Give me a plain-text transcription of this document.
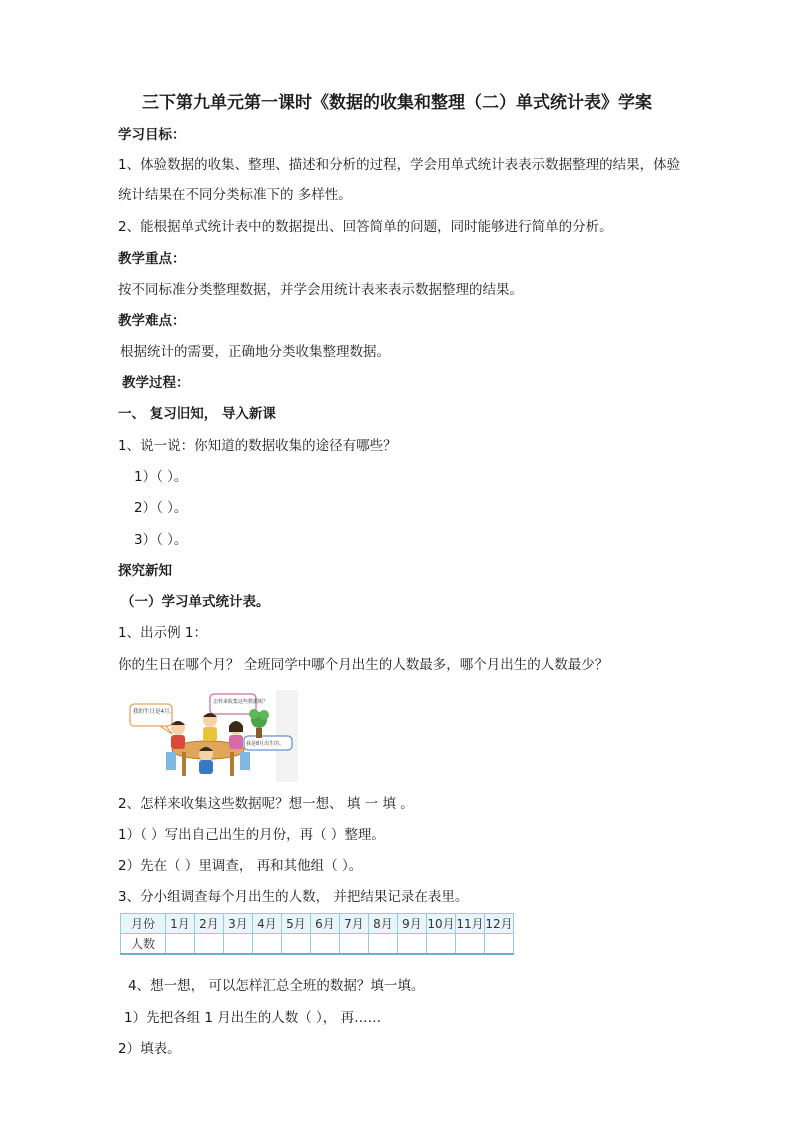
三下第九单元第一课时《数据的收集和整理（二）单式统计表》学案
学习目标：
1、体验数据的收集、整理、描述和分析的过程，学会用单式统计表表示数据整理的结果，体验
统计结果在不同分类标准下的 多样性。
2、能根据单式统计表中的数据提出、回答简单的问题，同时能够进行简单的分析。
教学重点：
按不同标准分类整理数据，并学会用统计表来表示数据整理的结果。
教学难点：
根据统计的需要，正确地分类收集整理数据。
教学过程：
一、 复习旧知， 导入新课
1、说一说：你知道的数据收集的途径有哪些？
1）（ ）。
2）（ ）。
3）（ ）。
探究新知
（一）学习单式统计表。
1、出示例 1：
你的生日在哪个月？ 全班同学中哪个月出生的人数最多，哪个月出生的人数最少？
我的生日是4月。
怎样来收集这些数据呢？
我是8月出生的。
2、怎样来收集这些数据呢？想一想、 填 一 填 。
1）（ ）写出自己出生的月份，再（ ）整理。
2）先在（ ）里调查， 再和其他组（ ）。
3、分小组调查每个月出生的人数， 并把结果记录在表里。
月份	1月	2月	3月	4月	5月	6月	7月	8月	9月	10月	11月	12月
人数												
4、想一想， 可以怎样汇总全班的数据？填一填。
1）先把各组 1 月出生的人数（ ）， 再……
2）填表。
